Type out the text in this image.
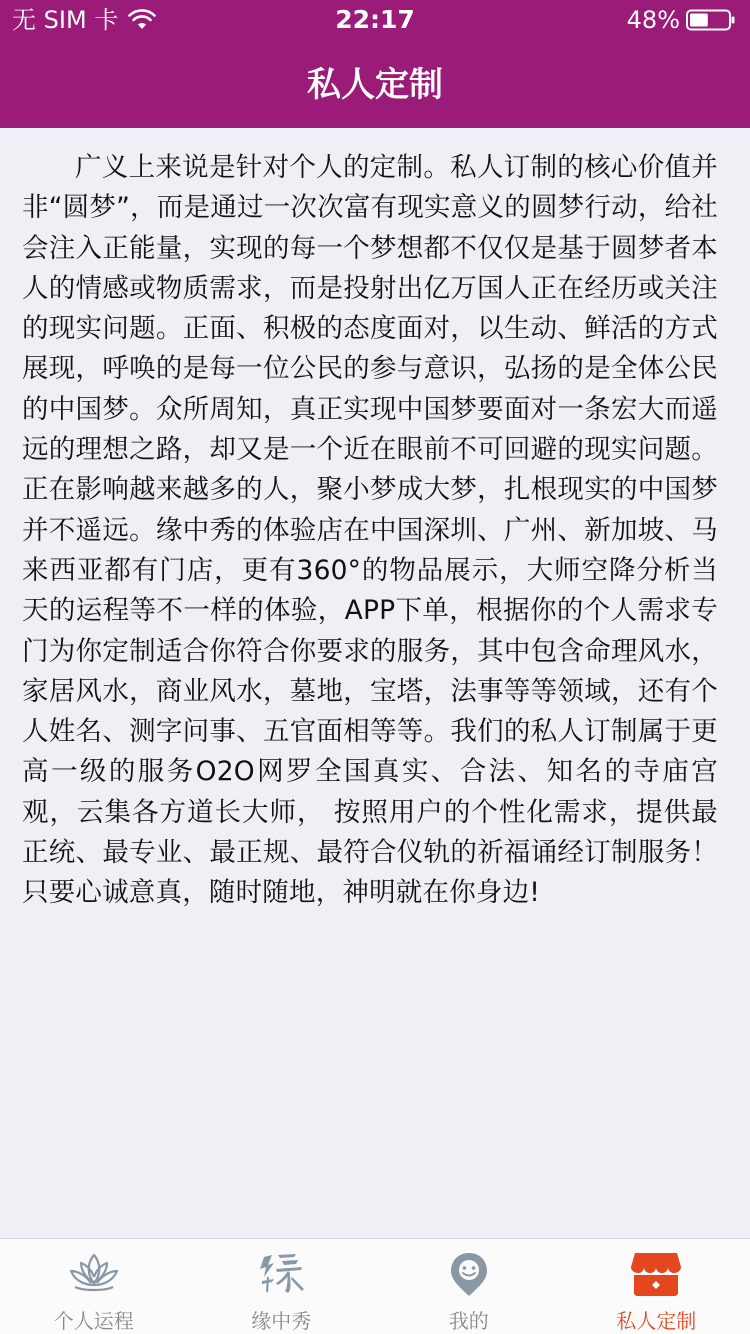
无 SIM 卡	22:17	48%
私人定制
广义上来说是针对个人的定制。私人订制的核心价值并非“圆梦”，而是通过一次次富有现实意义的圆梦行动，给社会注入正能量，实现的每一个梦想都不仅仅是基于圆梦者本人的情感或物质需求，而是投射出亿万国人正在经历或关注的现实问题。正面、积极的态度面对，以生动、鲜活的方式展现，呼唤的是每一位公民的参与意识，弘扬的是全体公民的中国梦。众所周知，真正实现中国梦要面对一条宏大而遥远的理想之路，却又是一个近在眼前不可回避的现实问题。正在影响越来越多的人，聚小梦成大梦，扎根现实的中国梦并不遥远。缘中秀的体验店在中国深圳、广州、新加坡、马来西亚都有门店，更有360°的物品展示，大师空降分析当天的运程等不一样的体验，APP下单，根据你的个人需求专门为你定制适合你符合你要求的服务，其中包含命理风水，家居风水，商业风水，墓地，宝塔，法事等等领域，还有个人姓名、测字问事、五官面相等等。我们的私人订制属于更高一级的服务O2O网罗全国真实、合法、知名的寺庙宫观，云集各方道长大师， 按照用户的个性化需求，提供最正统、最专业、最正规、最符合仪轨的祈福诵经订制服务！ 只要心诚意真，随时随地，神明就在你身边!
个人运程	缘中秀	我的	私人定制
